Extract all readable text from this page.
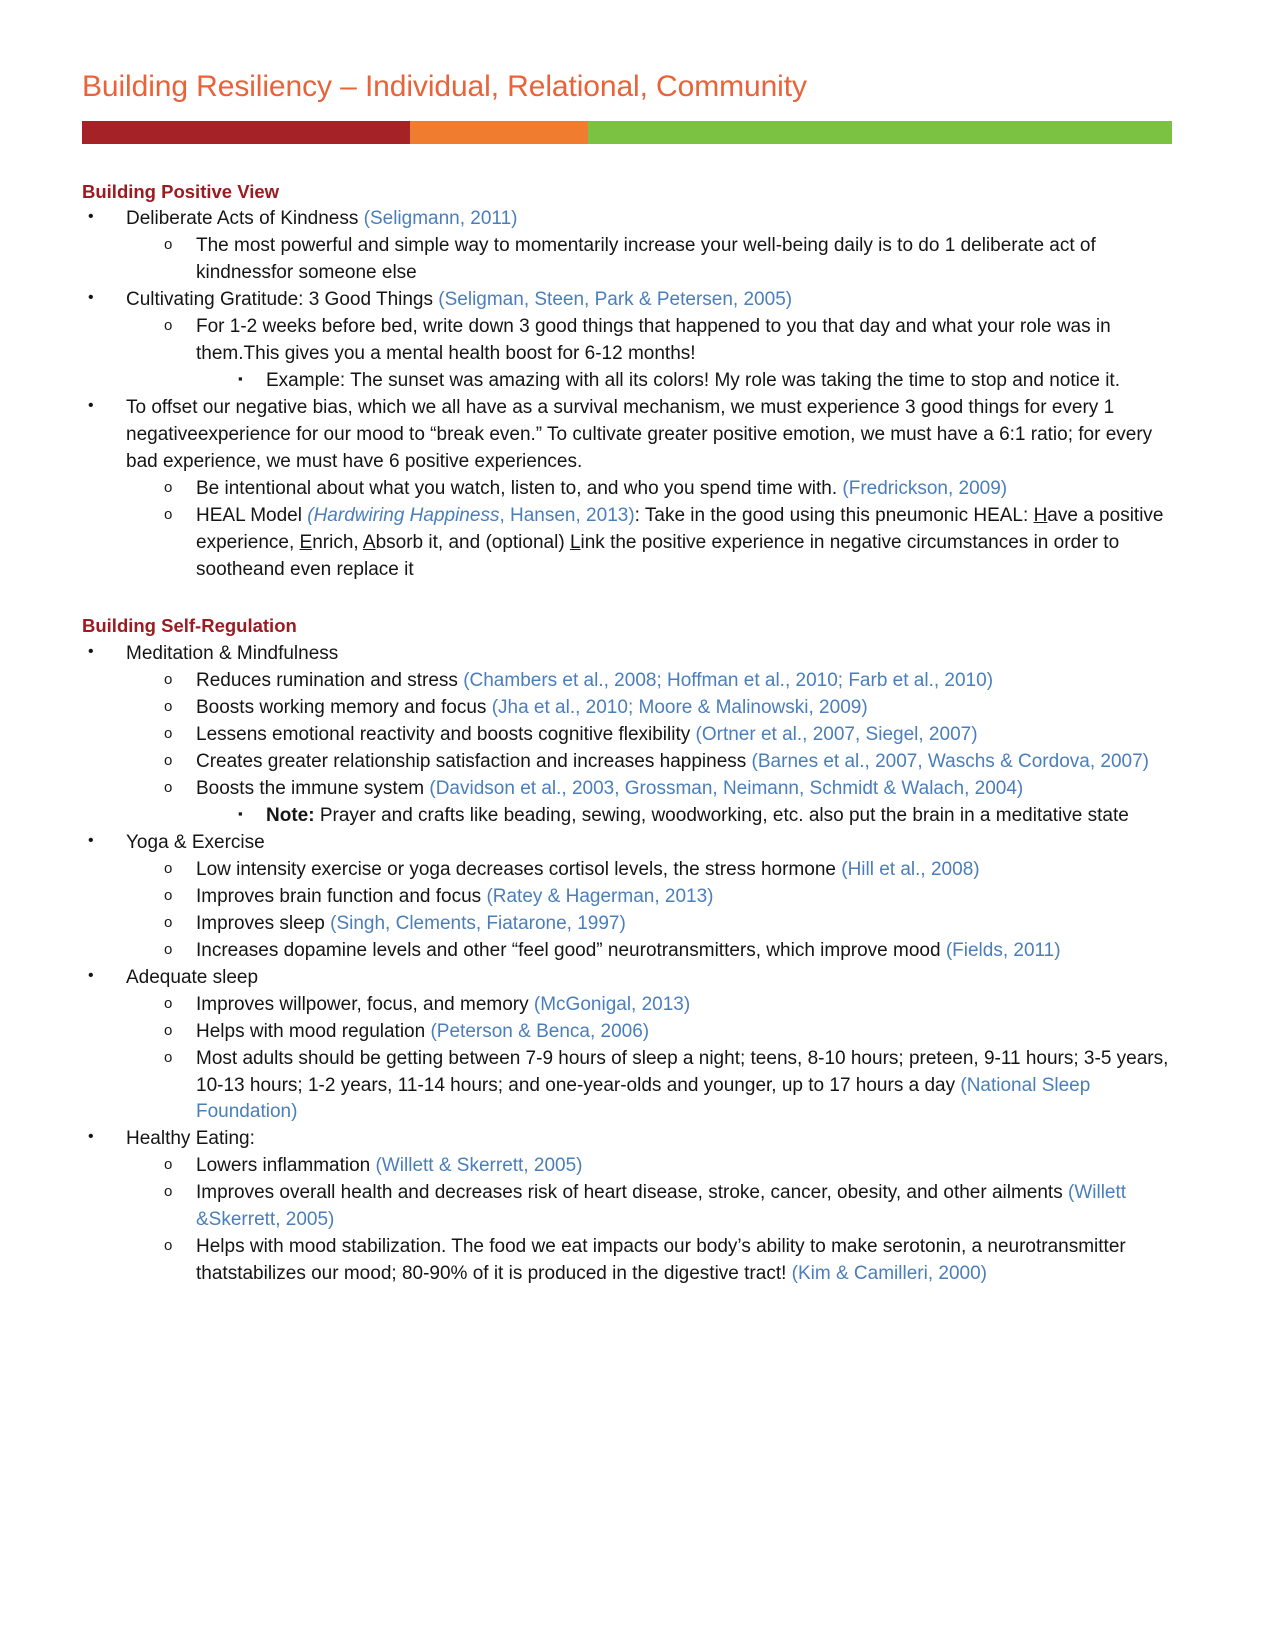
Building Resiliency – Individual, Relational, Community
Building Positive View
• Deliberate Acts of Kindness (Seligmann, 2011)
o The most powerful and simple way to momentarily increase your well-being daily is to do 1 deliberate act of kindnessfor someone else
• Cultivating Gratitude: 3 Good Things (Seligman, Steen, Park & Petersen, 2005)
o For 1-2 weeks before bed, write down 3 good things that happened to you that day and what your role was in them.This gives you a mental health boost for 6-12 months!
▪ Example: The sunset was amazing with all its colors! My role was taking the time to stop and notice it.
• To offset our negative bias, which we all have as a survival mechanism, we must experience 3 good things for every 1 negativeexperience for our mood to “break even.” To cultivate greater positive emotion, we must have a 6:1 ratio; for every bad experience, we must have 6 positive experiences.
o Be intentional about what you watch, listen to, and who you spend time with. (Fredrickson, 2009)
o HEAL Model (Hardwiring Happiness, Hansen, 2013): Take in the good using this pneumonic HEAL: Have a positive experience, Enrich, Absorb it, and (optional) Link the positive experience in negative circumstances in order to sootheand even replace it
Building Self-Regulation
• Meditation & Mindfulness
o Reduces rumination and stress (Chambers et al., 2008; Hoffman et al., 2010; Farb et al., 2010)
o Boosts working memory and focus (Jha et al., 2010; Moore & Malinowski, 2009)
o Lessens emotional reactivity and boosts cognitive flexibility (Ortner et al., 2007, Siegel, 2007)
o Creates greater relationship satisfaction and increases happiness (Barnes et al., 2007, Waschs & Cordova, 2007)
o Boosts the immune system (Davidson et al., 2003, Grossman, Neimann, Schmidt & Walach, 2004)
▪ Note: Prayer and crafts like beading, sewing, woodworking, etc. also put the brain in a meditative state
• Yoga & Exercise
o Low intensity exercise or yoga decreases cortisol levels, the stress hormone (Hill et al., 2008)
o Improves brain function and focus (Ratey & Hagerman, 2013)
o Improves sleep (Singh, Clements, Fiatarone, 1997)
o Increases dopamine levels and other “feel good” neurotransmitters, which improve mood (Fields, 2011)
• Adequate sleep
o Improves willpower, focus, and memory (McGonigal, 2013)
o Helps with mood regulation (Peterson & Benca, 2006)
o Most adults should be getting between 7-9 hours of sleep a night; teens, 8-10 hours; preteen, 9-11 hours; 3-5 years, 10-13 hours; 1-2 years, 11-14 hours; and one-year-olds and younger, up to 17 hours a day (National Sleep Foundation)
• Healthy Eating:
o Lowers inflammation (Willett & Skerrett, 2005)
o Improves overall health and decreases risk of heart disease, stroke, cancer, obesity, and other ailments (Willett &Skerrett, 2005)
o Helps with mood stabilization. The food we eat impacts our body’s ability to make serotonin, a neurotransmitter thatstabilizes our mood; 80-90% of it is produced in the digestive tract! (Kim & Camilleri, 2000)
